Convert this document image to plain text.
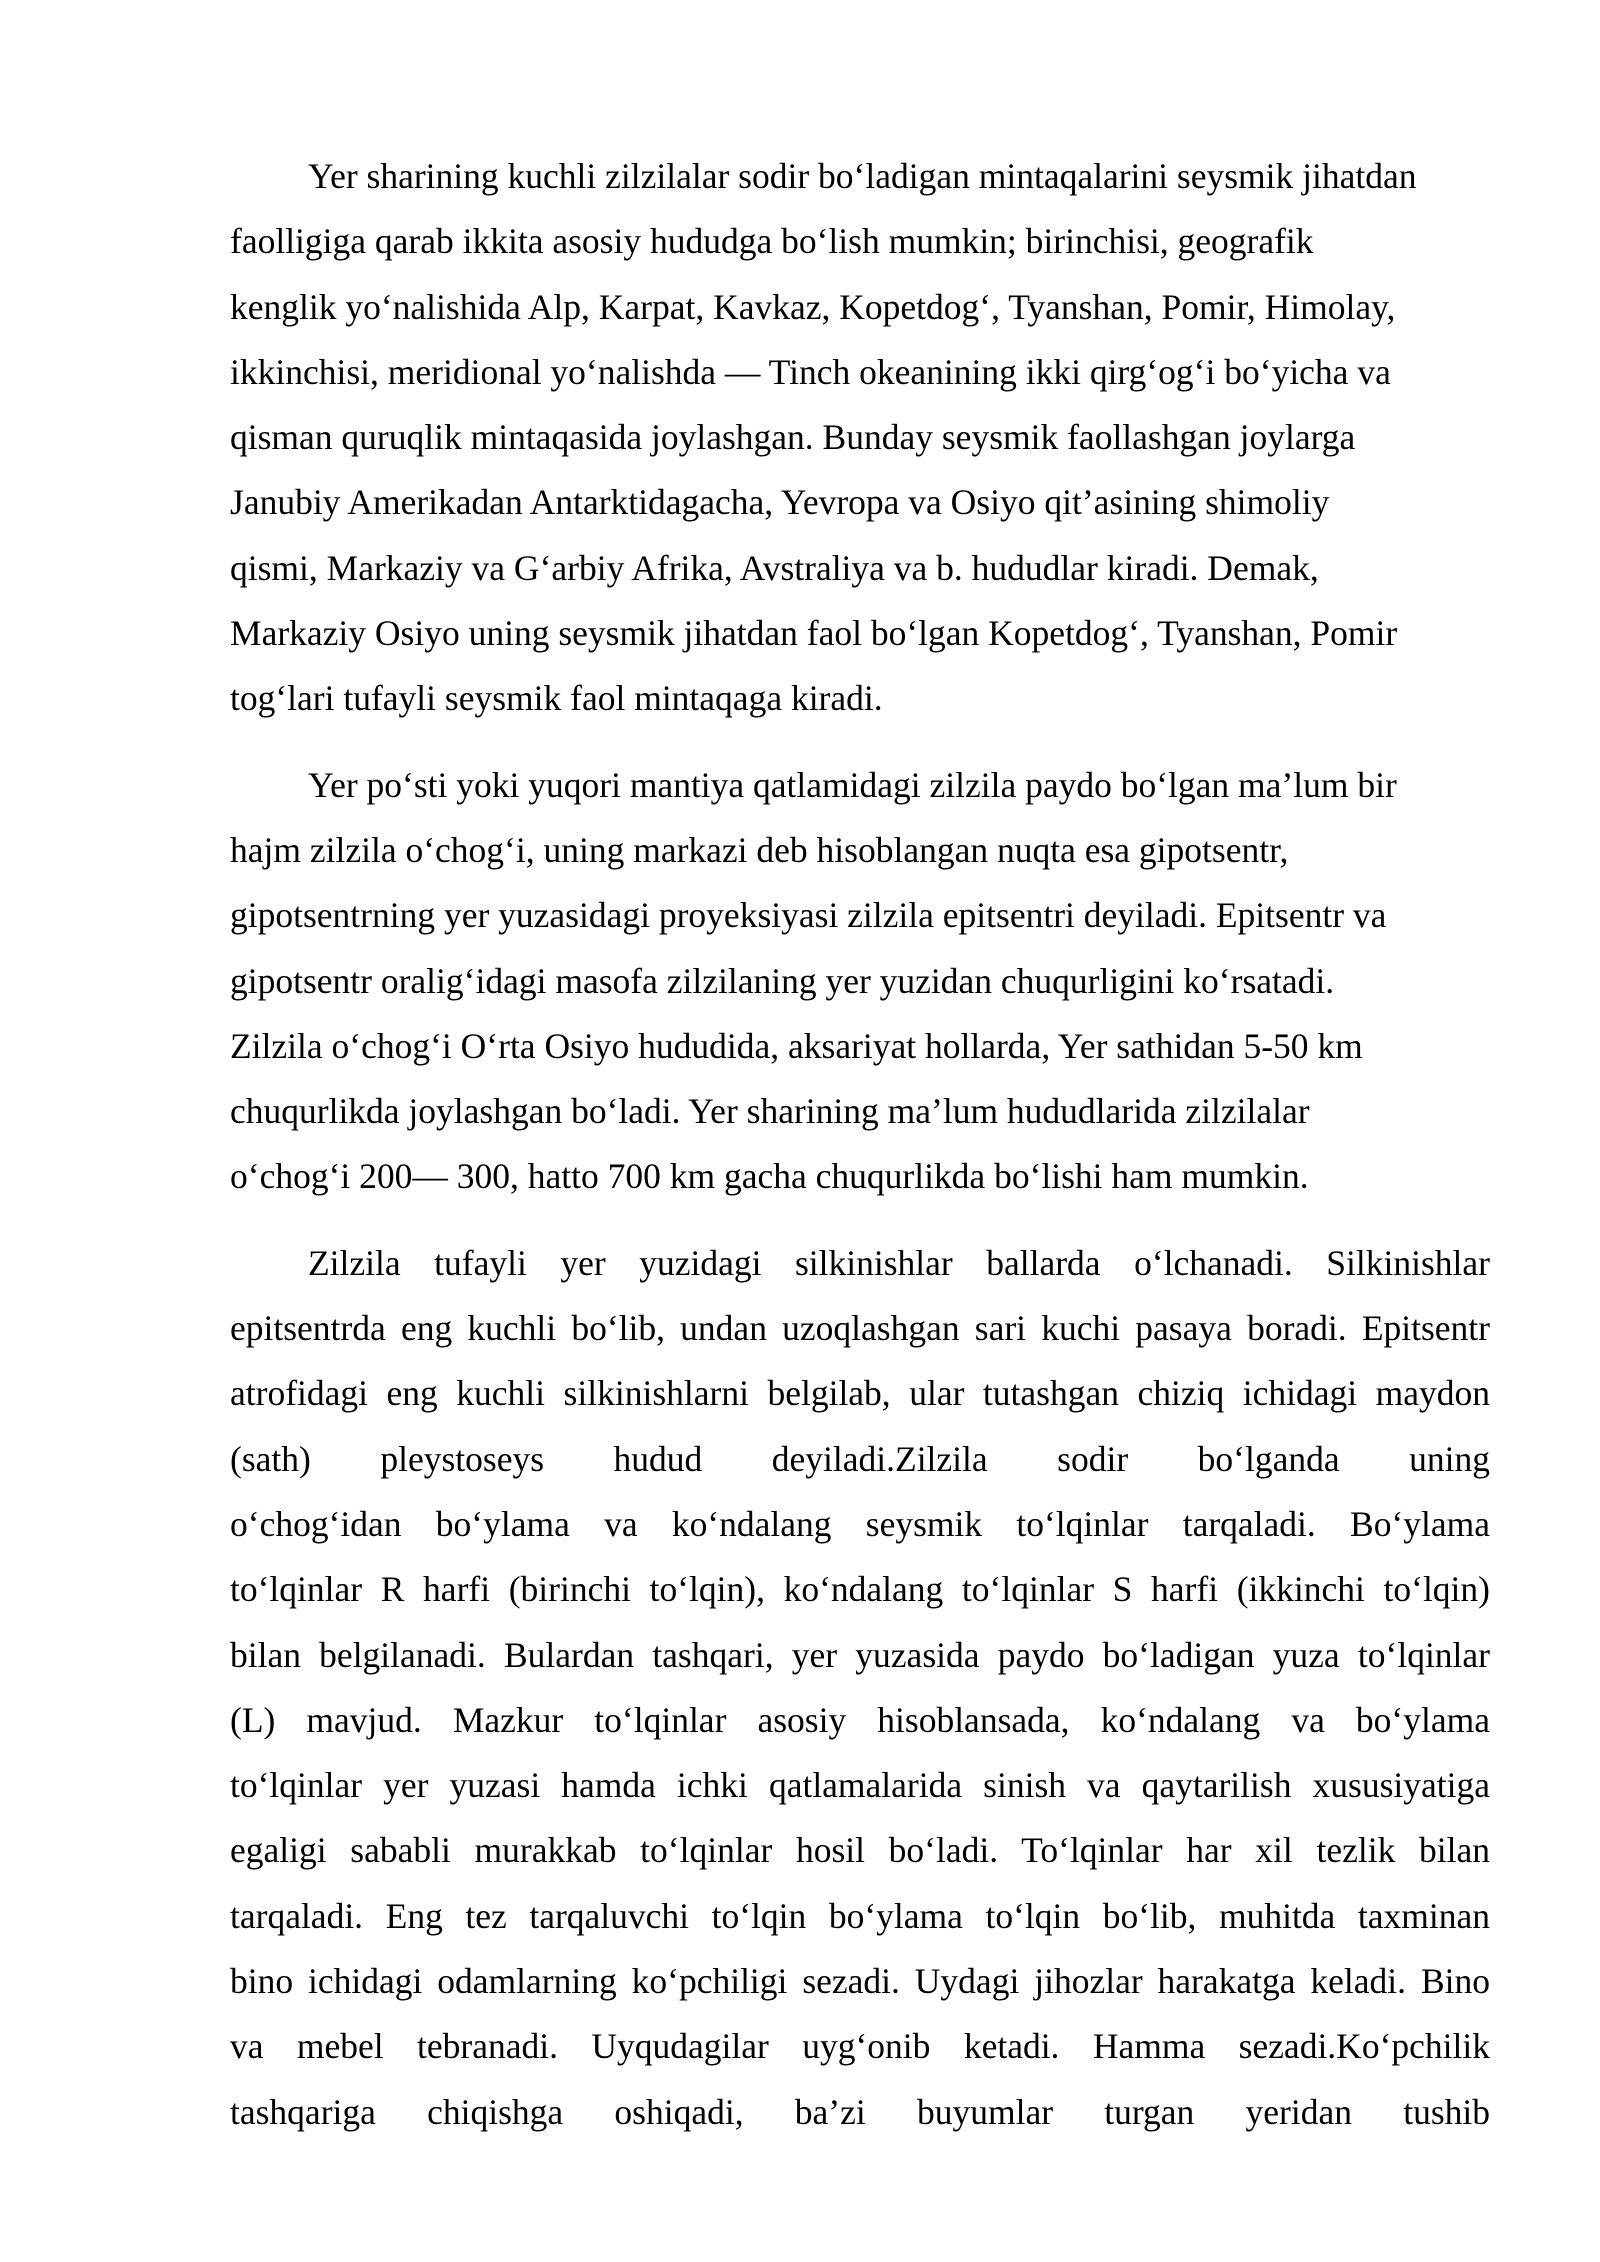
Yer sharining kuchli zilzilalar sodir bo‘ladigan mintaqalarini seysmik jihatdan
faolligiga qarab ikkita asosiy hududga bo‘lish mumkin; birinchisi, geografik
kenglik yo‘nalishida Alp, Karpat, Kavkaz, Kopetdog‘, Tyanshan, Pomir, Himolay,
ikkinchisi, meridional yo‘nalishda — Tinch okeanining ikki qirg‘og‘i bo‘yicha va
qisman quruqlik mintaqasida joylashgan. Bunday seysmik faollashgan joylarga
Janubiy Amerikadan Antarktidagacha, Yevropa va Osiyo qit’asining shimoliy
qismi, Markaziy va G‘arbiy Afrika, Avstraliya va b. hududlar kiradi. Demak,
Markaziy Osiyo uning seysmik jihatdan faol bo‘lgan Kopetdog‘, Tyanshan, Pomir
tog‘lari tufayli seysmik faol mintaqaga kiradi.

Yer po‘sti yoki yuqori mantiya qatlamidagi zilzila paydo bo‘lgan ma’lum bir
hajm zilzila o‘chog‘i, uning markazi deb hisoblangan nuqta esa gipotsentr,
gipotsentrning yer yuzasidagi proyeksiyasi zilzila epitsentri deyiladi. Epitsentr va
gipotsentr oralig‘idagi masofa zilzilaning yer yuzidan chuqurligini ko‘rsatadi.
Zilzila o‘chog‘i O‘rta Osiyo hududida, aksariyat hollarda, Yer sathidan 5-50 km
chuqurlikda joylashgan bo‘ladi. Yer sharining ma’lum hududlarida zilzilalar
o‘chog‘i 200— 300, hatto 700 km gacha chuqurlikda bo‘lishi ham mumkin.

Zilzila tufayli yer yuzidagi silkinishlar ballarda o‘lchanadi. Silkinishlar
epitsentrda eng kuchli bo‘lib, undan uzoqlashgan sari kuchi pasaya boradi. Epitsentr
atrofidagi eng kuchli silkinishlarni belgilab, ular tutashgan chiziq ichidagi maydon
(sath) pleystoseys hudud deyiladi.Zilzila sodir bo‘lganda uning
o‘chog‘idan bo‘ylama va ko‘ndalang seysmik to‘lqinlar tarqaladi. Bo‘ylama
to‘lqinlar R harfi (birinchi to‘lqin), ko‘ndalang to‘lqinlar S harfi (ikkinchi to‘lqin)
bilan belgilanadi. Bulardan tashqari, yer yuzasida paydo bo‘ladigan yuza to‘lqinlar
(L) mavjud. Mazkur to‘lqinlar asosiy hisoblansada, ko‘ndalang va bo‘ylama
to‘lqinlar yer yuzasi hamda ichki qatlamalarida sinish va qaytarilish xususiyatiga
egaligi sababli murakkab to‘lqinlar hosil bo‘ladi. To‘lqinlar har xil tezlik bilan
tarqaladi. Eng tez tarqaluvchi to‘lqin bo‘ylama to‘lqin bo‘lib, muhitda taxminan
bino ichidagi odamlarning ko‘pchiligi sezadi. Uydagi jihozlar harakatga keladi. Bino
va mebel tebranadi. Uyqudagilar uyg‘onib ketadi. Hamma sezadi.Ko‘pchilik
tashqariga chiqishga oshiqadi, ba’zi buyumlar turgan yeridan tushib
